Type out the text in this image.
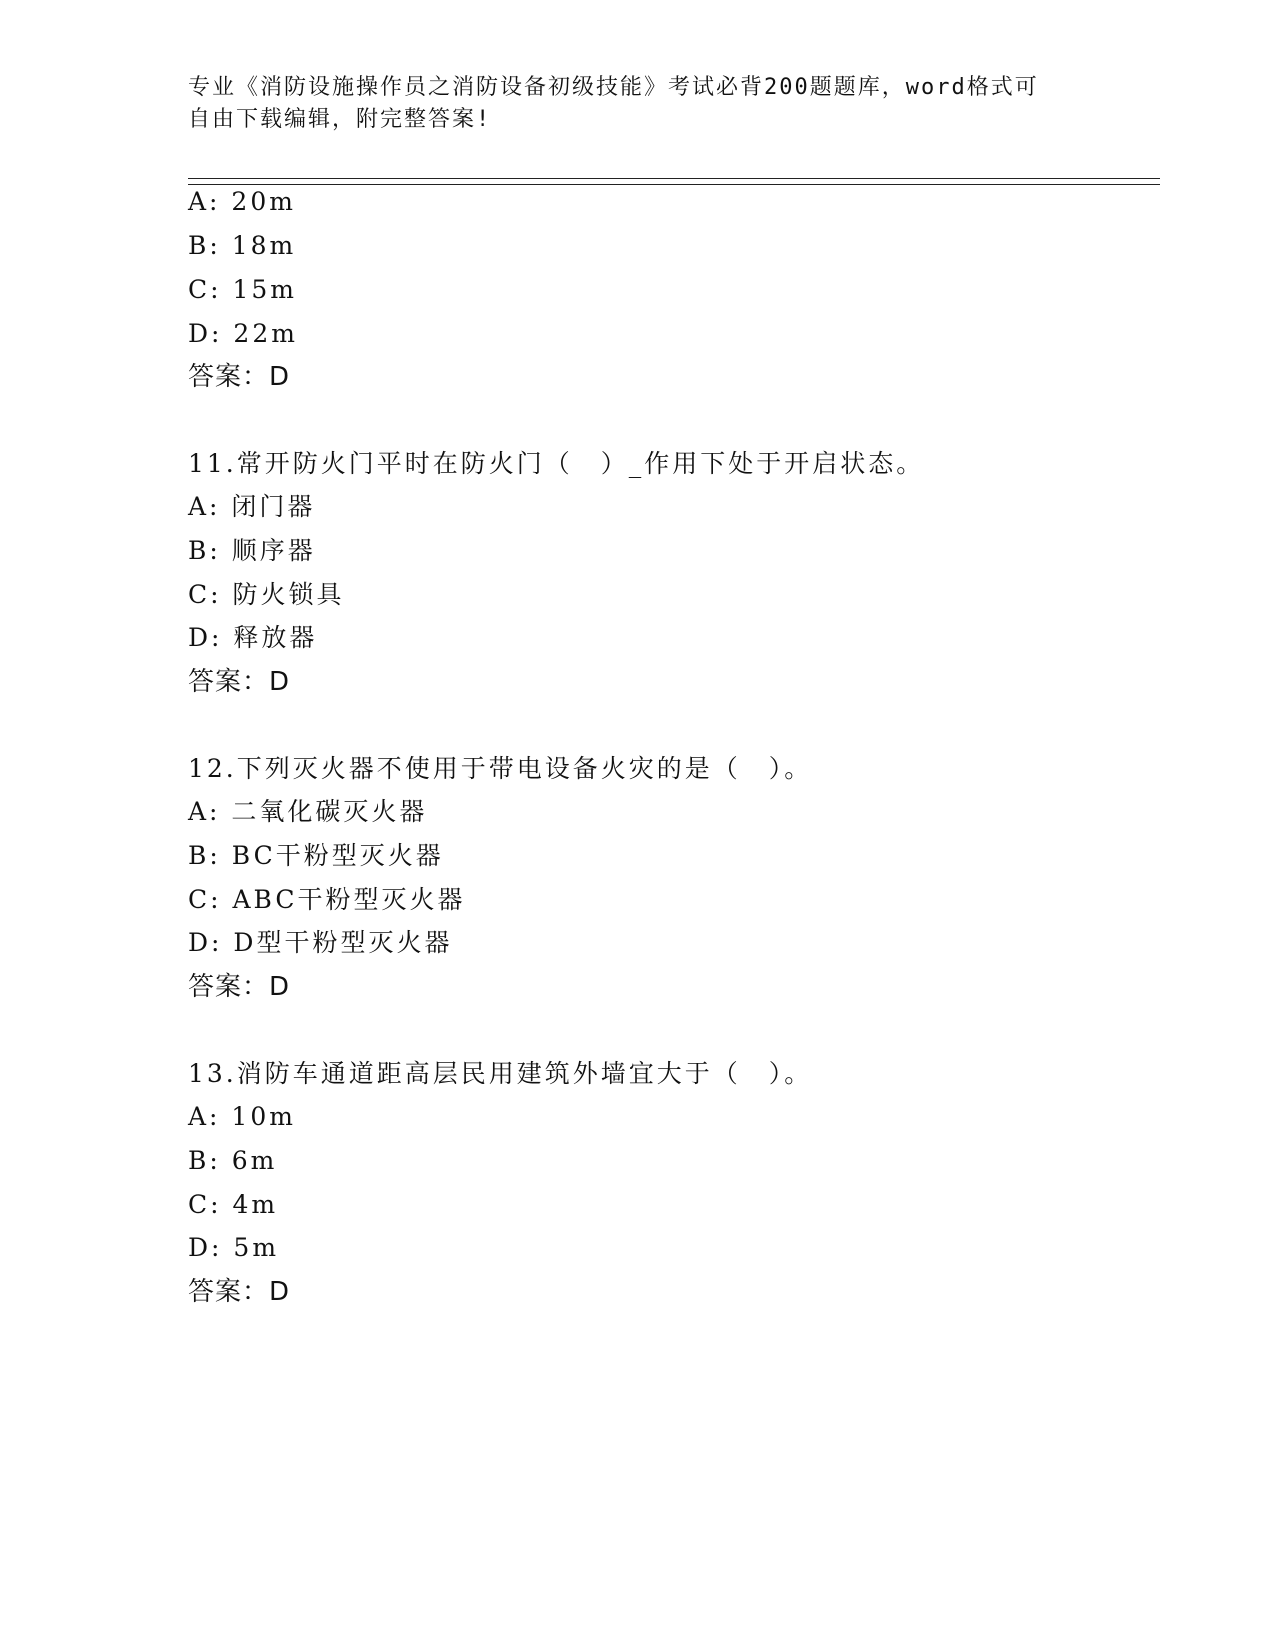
专业《消防设施操作员之消防设备初级技能》考试必背200题题库，word格式可
自由下载编辑，附完整答案!
A: 20m
B: 18m
C: 15m
D: 22m
答案：D
11.常开防火门平时在防火门（　）_作用下处于开启状态。
A: 闭门器
B: 顺序器
C: 防火锁具
D: 释放器
答案：D
12.下列灭火器不使用于带电设备火灾的是（　）。
A: 二氧化碳灭火器
B: BC干粉型灭火器
C: ABC干粉型灭火器
D: D型干粉型灭火器
答案：D
13.消防车通道距高层民用建筑外墙宜大于（　）。
A: 10m
B: 6m
C: 4m
D: 5m
答案：D
